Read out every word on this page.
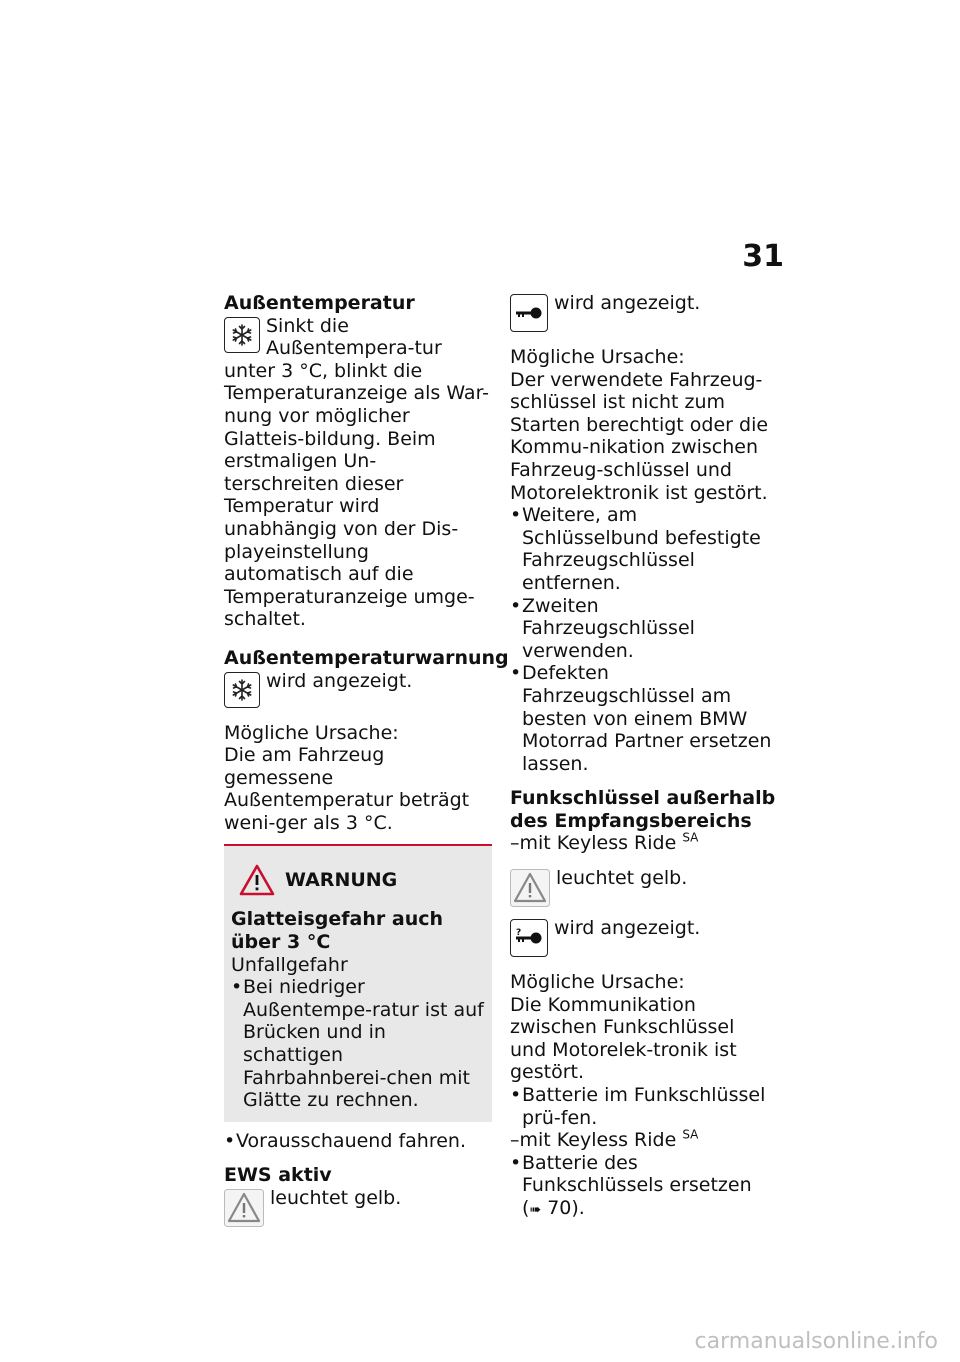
31

Außentemperatur

Sinkt die Außentempera-tur unter 3 °C, blinkt die Temperaturanzeige als War-nung vor möglicher Glatteis-bildung. Beim erstmaligen Un-terschreiten dieser Temperatur wird unabhängig von der Dis-playeinstellung automatisch auf die Temperaturanzeige umge-schaltet.

Außentemperaturwarnung

wird angezeigt.

Mögliche Ursache:

Die am Fahrzeug gemessene Außentemperatur beträgt weni-ger als 3 °C.

WARNUNG

Glatteisgefahr auch über 3 °C

Unfallgefahr

• Bei niedriger Außentempe-ratur ist auf Brücken und in schattigen Fahrbahnberei-chen mit Glätte zu rechnen.

• Vorausschauend fahren.

EWS aktiv

leuchtet gelb.

wird angezeigt.

Mögliche Ursache:

Der verwendete Fahrzeug-schlüssel ist nicht zum Starten berechtigt oder die Kommu-nikation zwischen Fahrzeug-schlüssel und Motorelektronik ist gestört.

• Weitere, am Schlüsselbund befestigte Fahrzeugschlüssel entfernen.

• Zweiten Fahrzeugschlüssel verwenden.

• Defekten Fahrzeugschlüssel am besten von einem BMW Motorrad Partner ersetzen lassen.

Funkschlüssel außerhalb des Empfangsbereichs

–mit Keyless Ride $^{SA}$

leuchtet gelb.

?	wird angezeigt.

Mögliche Ursache:

Die Kommunikation zwischen Funkschlüssel und Motorelek-tronik ist gestört.

• Batterie im Funkschlüssel prü-fen.

–mit Keyless Ride $^{SA}$

• Batterie des Funkschlüssels ersetzen (➠ 70).

carmanualsonline.info
